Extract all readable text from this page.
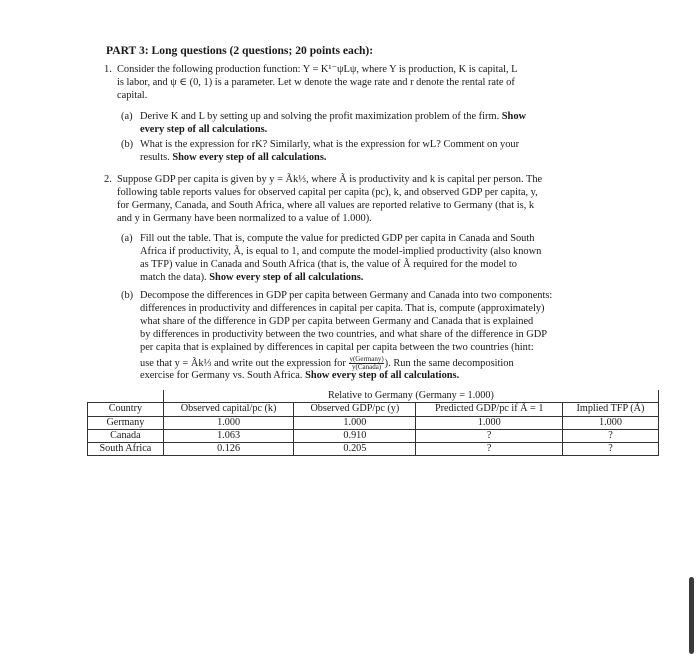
PART 3: Long questions (2 questions; 20 points each):
1. Consider the following production function: Y = K¹⁻ψLψ, where Y is production, K is capital, L
is labor, and ψ ∈ (0, 1) is a parameter. Let w denote the wage rate and r denote the rental rate of
capital.
(a) Derive K and L by setting up and solving the profit maximization problem of the firm. Show
every step of all calculations.
(b) What is the expression for rK? Similarly, what is the expression for wL? Comment on your
results. Show every step of all calculations.
2. Suppose GDP per capita is given by y = Ãk⅓, where Ã is productivity and k is capital per person. The
following table reports values for observed capital per capita (pc), k, and observed GDP per capita, y,
for Germany, Canada, and South Africa, where all values are reported relative to Germany (that is, k
and y in Germany have been normalized to a value of 1.000).
(a) Fill out the table. That is, compute the value for predicted GDP per capita in Canada and South
Africa if productivity, Ã, is equal to 1, and compute the model-implied productivity (also known
as TFP) value in Canada and South Africa (that is, the value of Ã required for the model to
match the data). Show every step of all calculations.
(b) Decompose the differences in GDP per capita between Germany and Canada into two components:
differences in productivity and differences in capital per capita. That is, compute (approximately)
what share of the difference in GDP per capita between Germany and Canada that is explained
by differences in productivity between the two countries, and what share of the difference in GDP
per capita that is explained by differences in capital per capita between the two countries (hint:
use that y = Ãk⅓ and write out the expression for y(Germany)
y(Canada) ). Run the same decomposition
exercise for Germany vs. South Africa. Show every step of all calculations.
	Relative to Germany (Germany = 1.000)			
Country	Observed capital/pc (k)	Observed GDP/pc (y)	Predicted GDP/pc if Ã = 1	Implied TFP (Ã)
Germany	1.000	1.000	1.000	1.000
Canada	1.063	0.910	?	?
South Africa	0.126	0.205	?	?
